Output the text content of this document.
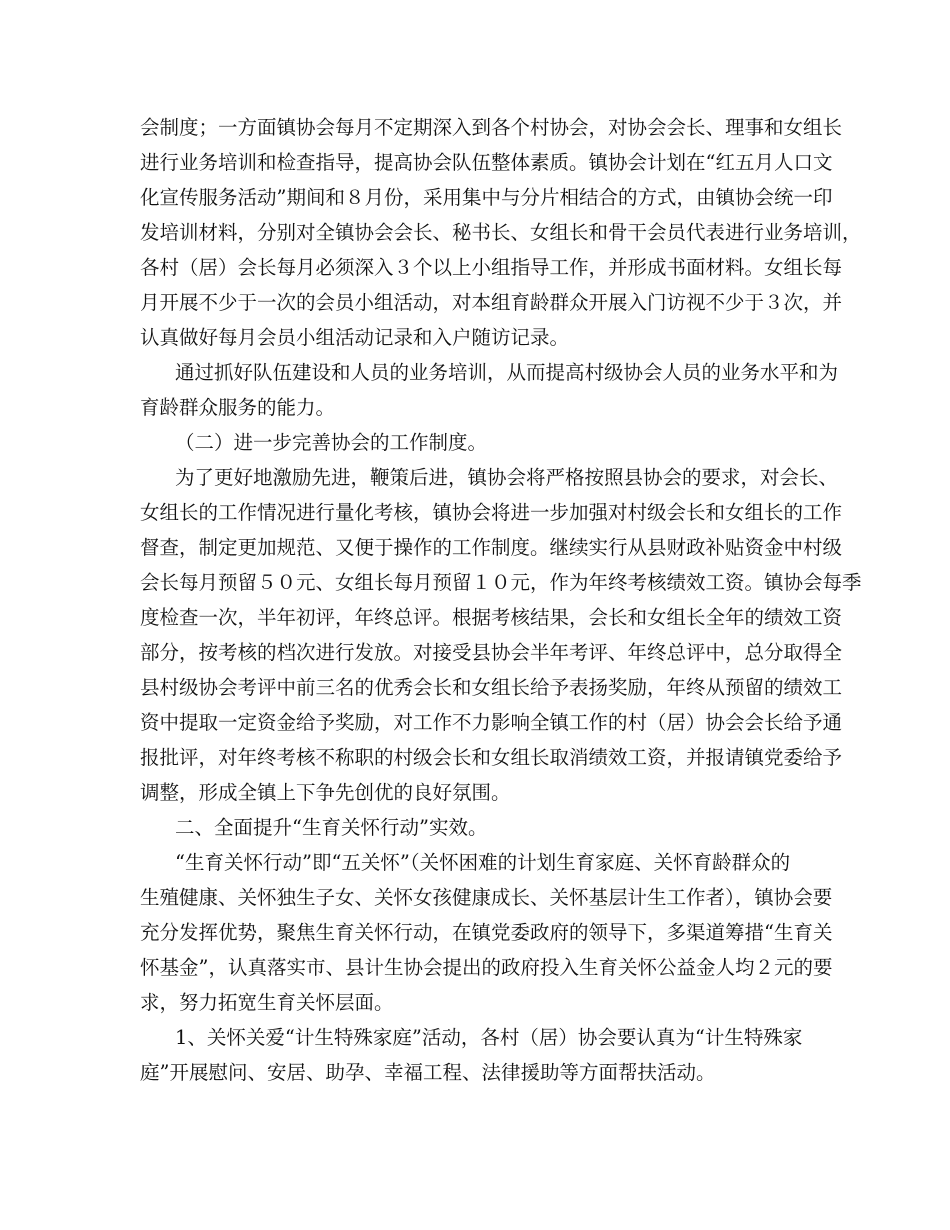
会制度；一方面镇协会每月不定期深入到各个村协会，对协会会长、理事和女组长
进行业务培训和检查指导，提高协会队伍整体素质。镇协会计划在“红五月人口文
化宣传服务活动”期间和８月份，采用集中与分片相结合的方式，由镇协会统一印
发培训材料，分别对全镇协会会长、秘书长、女组长和骨干会员代表进行业务培训，
各村（居）会长每月必须深入３个以上小组指导工作，并形成书面材料。女组长每
月开展不少于一次的会员小组活动，对本组育龄群众开展入门访视不少于３次，并
认真做好每月会员小组活动记录和入户随访记录。
通过抓好队伍建设和人员的业务培训，从而提高村级协会人员的业务水平和为
育龄群众服务的能力。
（二）进一步完善协会的工作制度。
为了更好地激励先进，鞭策后进，镇协会将严格按照县协会的要求，对会长、
女组长的工作情况进行量化考核，镇协会将进一步加强对村级会长和女组长的工作
督查，制定更加规范、又便于操作的工作制度。继续实行从县财政补贴资金中村级
会长每月预留５０元、女组长每月预留１０元，作为年终考核绩效工资。镇协会每季
度检查一次，半年初评，年终总评。根据考核结果，会长和女组长全年的绩效工资
部分，按考核的档次进行发放。对接受县协会半年考评、年终总评中，总分取得全
县村级协会考评中前三名的优秀会长和女组长给予表扬奖励，年终从预留的绩效工
资中提取一定资金给予奖励，对工作不力影响全镇工作的村（居）协会会长给予通
报批评，对年终考核不称职的村级会长和女组长取消绩效工资，并报请镇党委给予
调整，形成全镇上下争先创优的良好氛围。
二、全面提升“生育关怀行动”实效。
“生育关怀行动”即“五关怀”（关怀困难的计划生育家庭、关怀育龄群众的
生殖健康、关怀独生子女、关怀女孩健康成长、关怀基层计生工作者），镇协会要
充分发挥优势，聚焦生育关怀行动，在镇党委政府的领导下，多渠道筹措“生育关
怀基金”，认真落实市、县计生协会提出的政府投入生育关怀公益金人均２元的要
求，努力拓宽生育关怀层面。
1、关怀关爱“计生特殊家庭”活动，各村（居）协会要认真为“计生特殊家
庭”开展慰问、安居、助孕、幸福工程、法律援助等方面帮扶活动。
